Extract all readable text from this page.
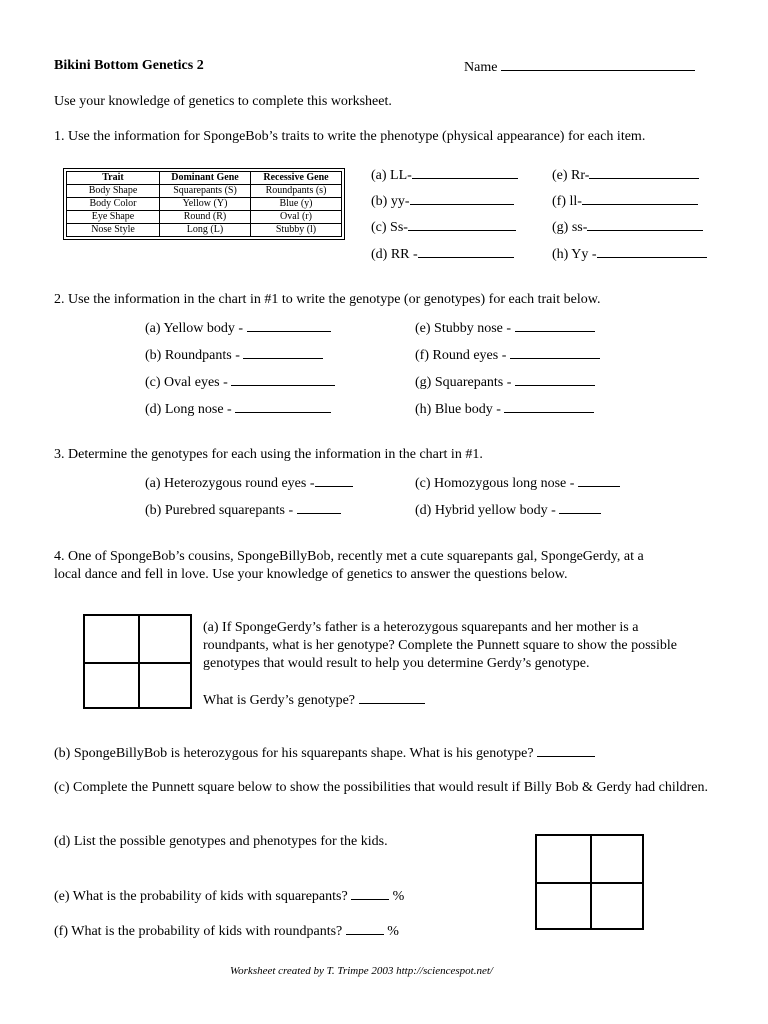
Bikini Bottom Genetics 2	Name
Use your knowledge of genetics to complete this worksheet.
1. Use the information for SpongeBob’s traits to write the phenotype (physical appearance) for each item.
Trait	Dominant Gene	Recessive Gene
Body Shape	Squarepants (S)	Roundpants (s)
Body Color	Yellow (Y)	Blue (y)
Eye Shape	Round (R)	Oval (r)
Nose Style	Long (L)	Stubby (l)
(a) LL-
(b) yy-
(c) Ss-
(d) RR -
(e) Rr-
(f) ll-
(g) ss-
(h) Yy -
2. Use the information in the chart in #1 to write the genotype (or genotypes) for each trait below.
(a) Yellow body -
(b) Roundpants -
(c) Oval eyes -
(d) Long nose -
(e) Stubby nose -
(f) Round eyes -
(g) Squarepants -
(h) Blue body -
3. Determine the genotypes for each using the information in the chart in #1.
(a) Heterozygous round eyes -
(b) Purebred squarepants -
(c) Homozygous long nose -
(d) Hybrid yellow body -
4. One of SpongeBob’s cousins, SpongeBillyBob, recently met a cute squarepants gal, SpongeGerdy, at a
local dance and fell in love. Use your knowledge of genetics to answer the questions below.
(a) If SpongeGerdy’s father is a heterozygous squarepants and her mother is a roundpants, what is her genotype? Complete the Punnett square to show the possible genotypes that would result to help you determine Gerdy’s genotype.
What is Gerdy’s genotype?
(b) SpongeBillyBob is heterozygous for his squarepants shape. What is his genotype?
(c) Complete the Punnett square below to show the possibilities that would result if Billy Bob & Gerdy had children.
(d) List the possible genotypes and phenotypes for the kids.
(e) What is the probability of kids with squarepants?	%
(f) What is the probability of kids with roundpants?	%
Worksheet created by T. Trimpe 2003 http://sciencespot.net/
